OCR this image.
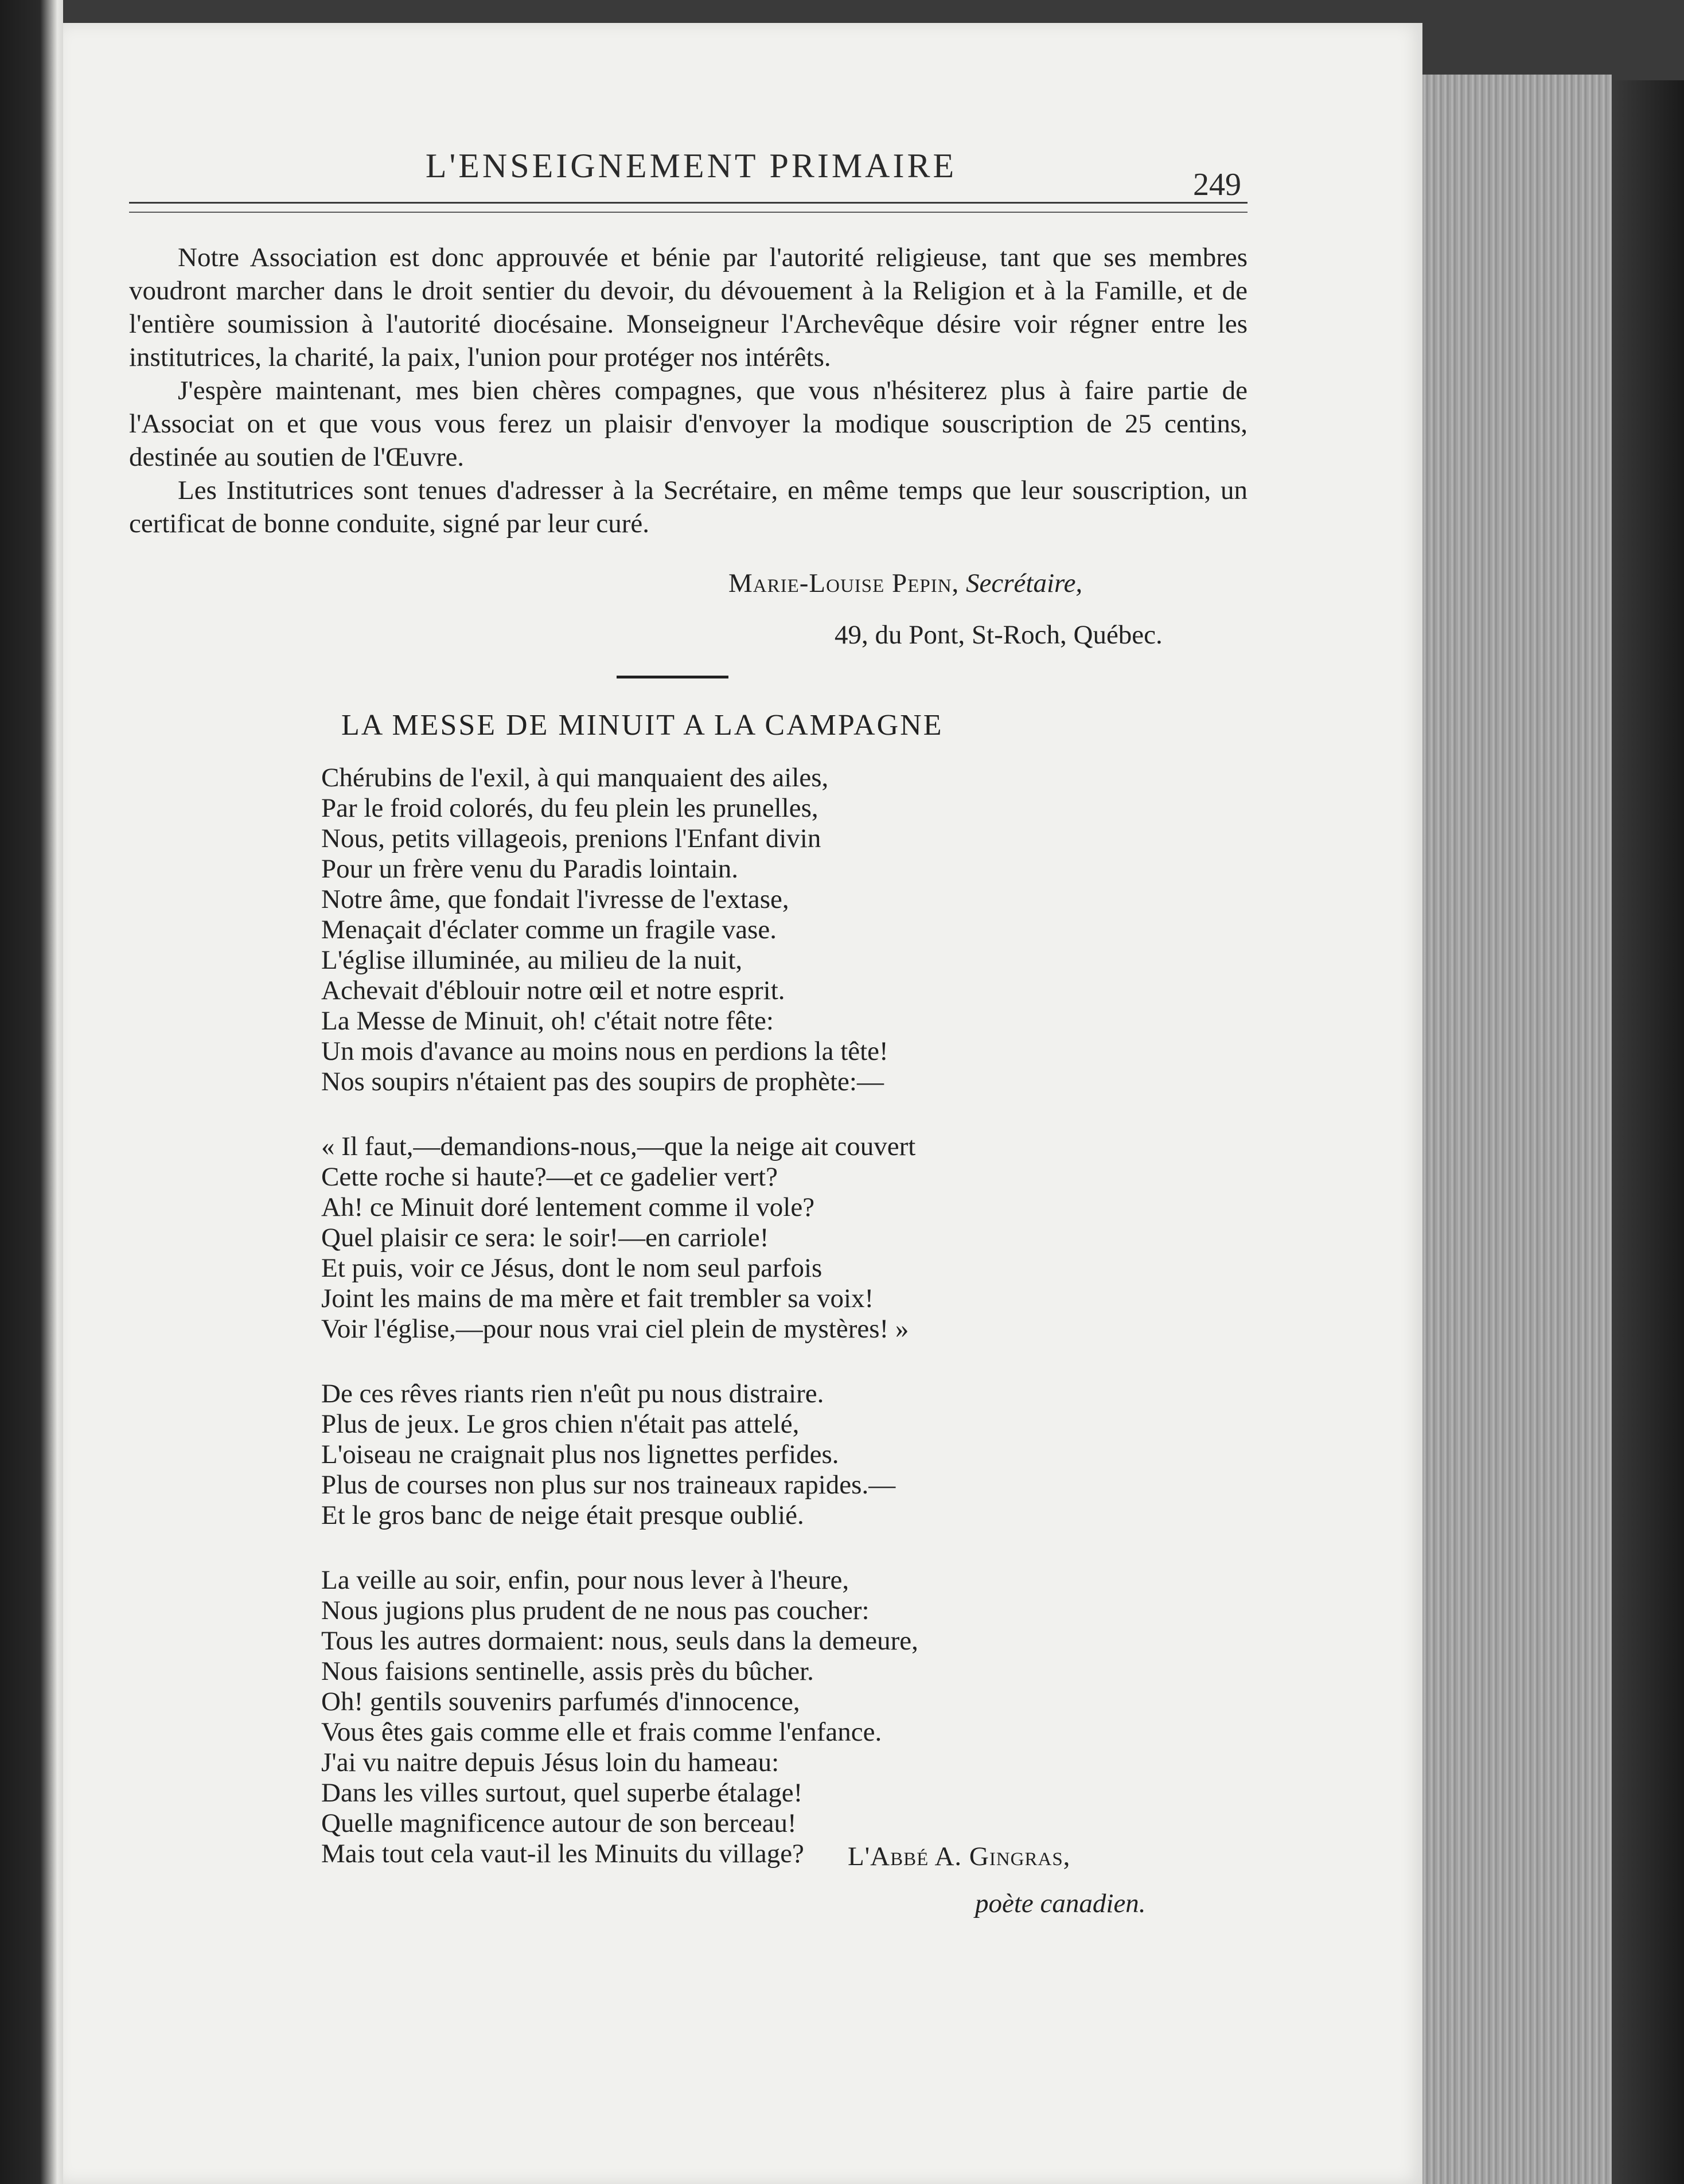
L'ENSEIGNEMENT PRIMAIRE	249

Notre Association est donc approuvée et bénie par l'autorité religieuse, tant que ses membres voudront marcher dans le droit sentier du devoir, du dévouement à la Religion et à la Famille, et de l'entière soumission à l'autorité diocésaine. Monseigneur l'Archevêque désire voir régner entre les institutrices, la charité, la paix, l'union pour protéger nos intérêts.

J'espère maintenant, mes bien chères compagnes, que vous n'hésiterez plus à faire partie de l'Associat on et que vous vous ferez un plaisir d'envoyer la modique souscription de 25 centins, destinée au soutien de l'Œuvre.

Les Institutrices sont tenues d'adresser à la Secrétaire, en même temps que leur souscription, un certificat de bonne conduite, signé par leur curé.

Marie-Louise Pepin, Secrétaire,
49, du Pont, St-Roch, Québec.
LA MESSE DE MINUIT A LA CAMPAGNE
Chérubins de l'exil, à qui manquaient des ailes,
Par le froid colorés, du feu plein les prunelles,
Nous, petits villageois, prenions l'Enfant divin
Pour un frère venu du Paradis lointain.
Notre âme, que fondait l'ivresse de l'extase,
Menaçait d'éclater comme un fragile vase.
L'église illuminée, au milieu de la nuit,
Achevait d'éblouir notre œil et notre esprit.
La Messe de Minuit, oh! c'était notre fête:
Un mois d'avance au moins nous en perdions la tête!
Nos soupirs n'étaient pas des soupirs de prophète:—
« Il faut,—demandions-nous,—que la neige ait couvert
Cette roche si haute?—et ce gadelier vert?
Ah! ce Minuit doré lentement comme il vole?
Quel plaisir ce sera: le soir!—en carriole!
Et puis, voir ce Jésus, dont le nom seul parfois
Joint les mains de ma mère et fait trembler sa voix!
Voir l'église,—pour nous vrai ciel plein de mystères! »
De ces rêves riants rien n'eût pu nous distraire.
Plus de jeux. Le gros chien n'était pas attelé,
L'oiseau ne craignait plus nos lignettes perfides.
Plus de courses non plus sur nos traineaux rapides.—
Et le gros banc de neige était presque oublié.
La veille au soir, enfin, pour nous lever à l'heure,
Nous jugions plus prudent de ne nous pas coucher:
Tous les autres dormaient: nous, seuls dans la demeure,
Nous faisions sentinelle, assis près du bûcher.
Oh! gentils souvenirs parfumés d'innocence,
Vous êtes gais comme elle et frais comme l'enfance.
J'ai vu naitre depuis Jésus loin du hameau:
Dans les villes surtout, quel superbe étalage!
Quelle magnificence autour de son berceau!
Mais tout cela vaut-il les Minuits du village?	L'Abbé A. Gingras,
poète canadien.
